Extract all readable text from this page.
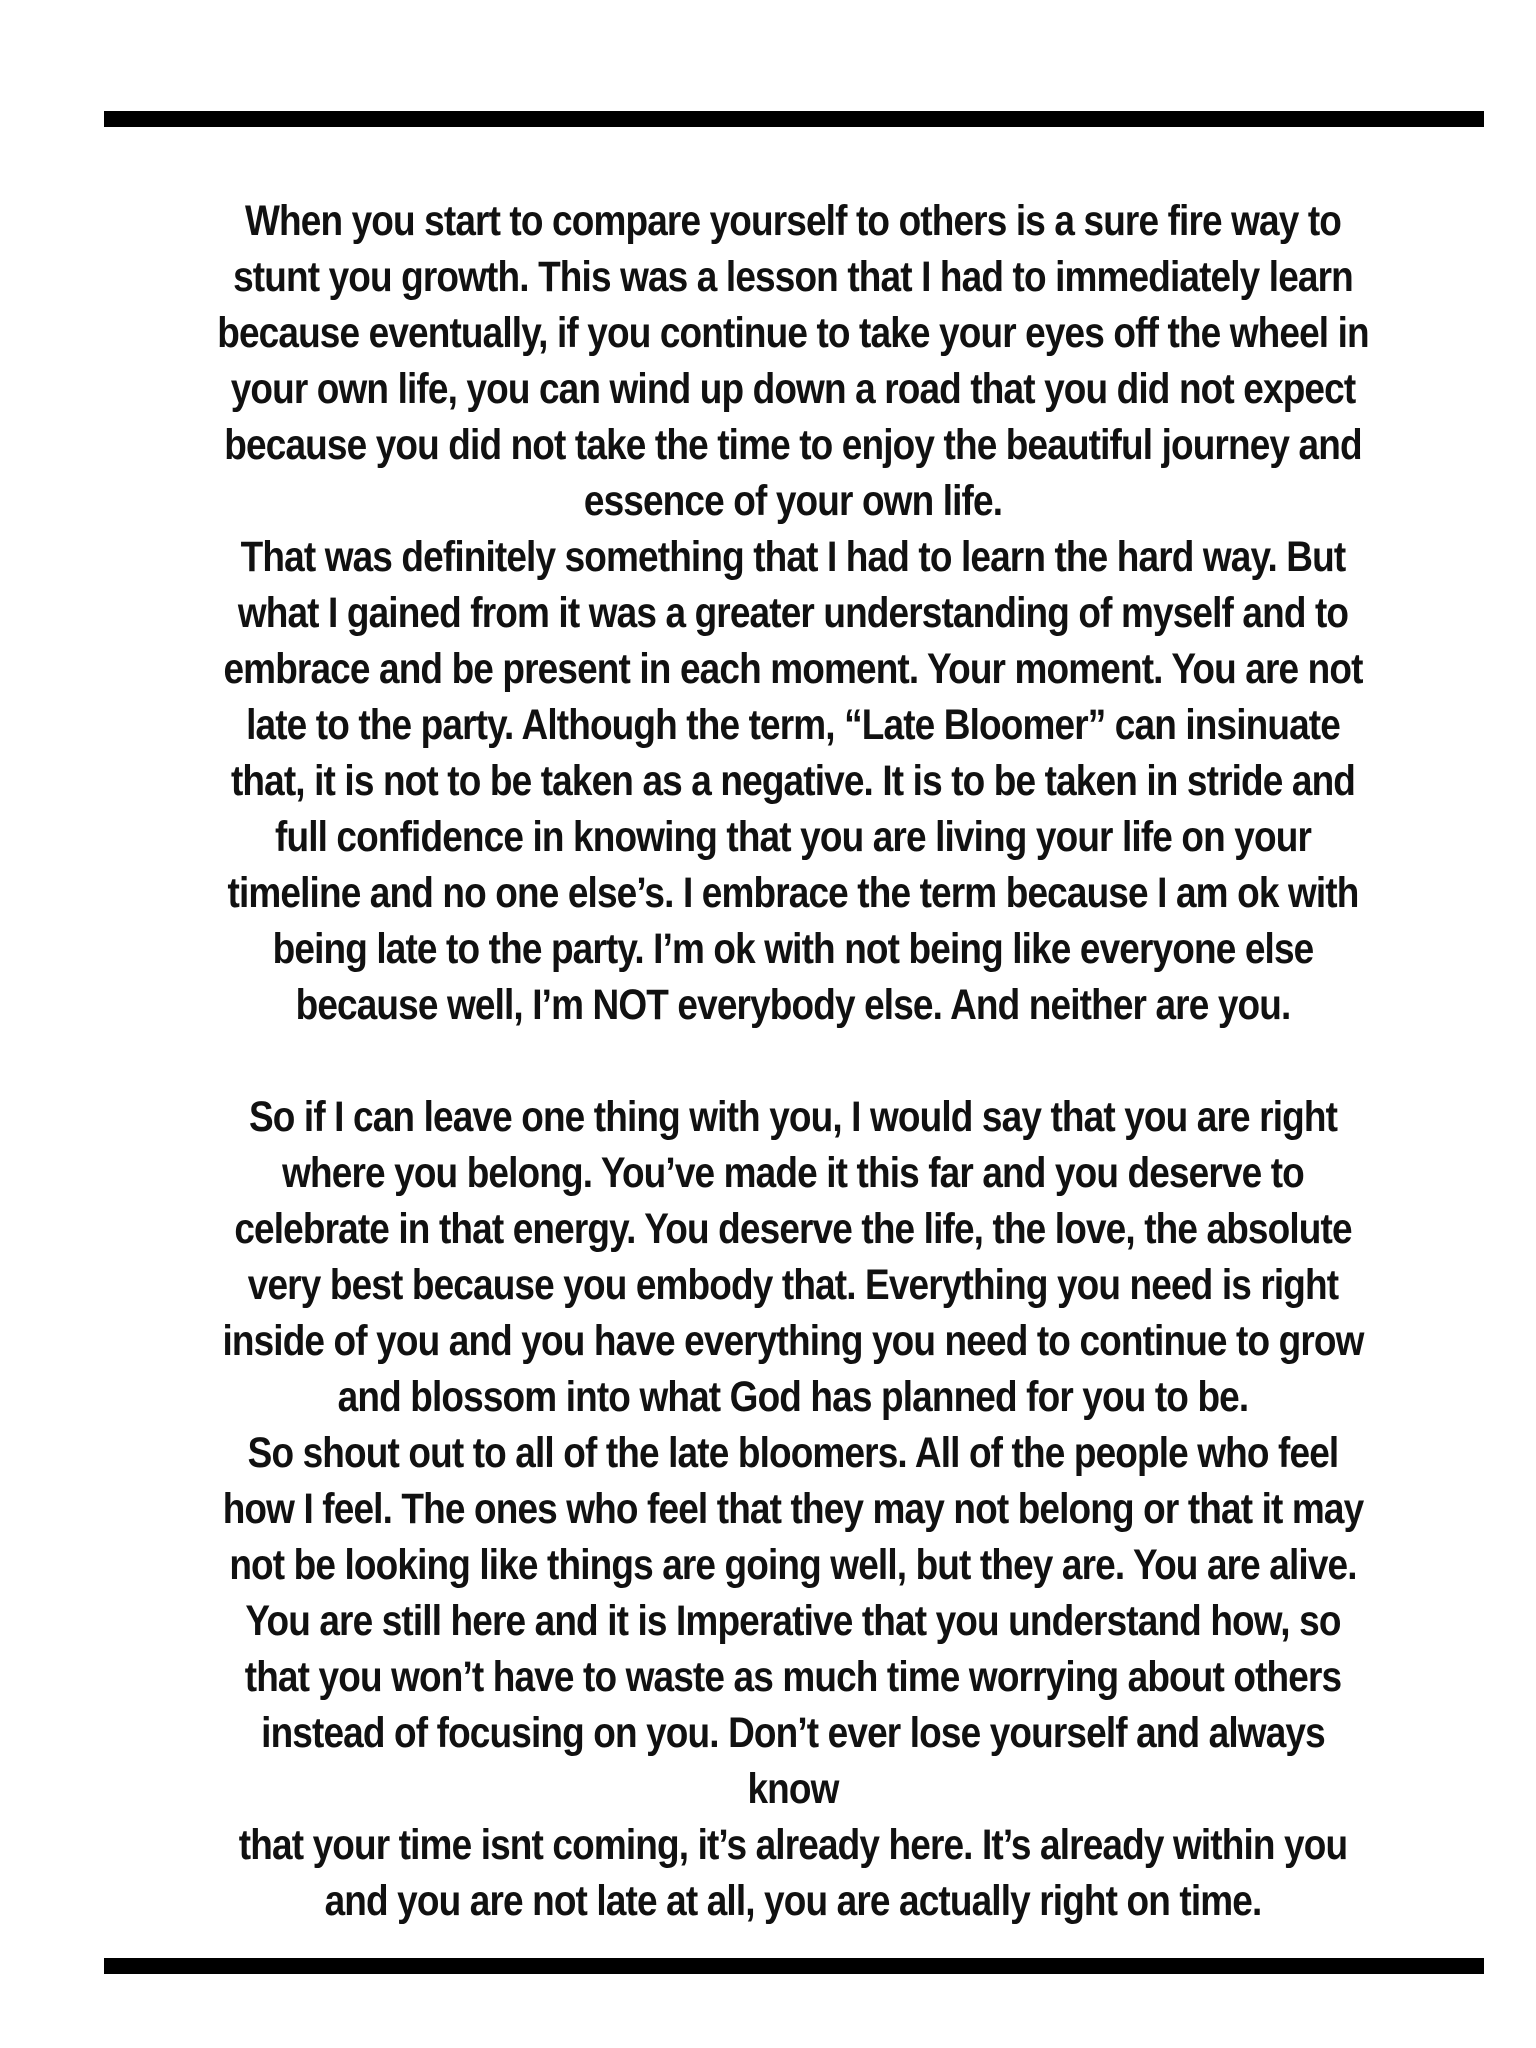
When you start to compare yourself to others is a sure fire way to
stunt you growth. This was a lesson that I had to immediately learn
because eventually, if you continue to take your eyes off the wheel in
your own life, you can wind up down a road that you did not expect
because you did not take the time to enjoy the beautiful journey and
essence of your own life.

That was definitely something that I had to learn the hard way. But
what I gained from it was a greater understanding of myself and to
embrace and be present in each moment. Your moment. You are not
late to the party. Although the term, “Late Bloomer” can insinuate
that, it is not to be taken as a negative. It is to be taken in stride and
full confidence in knowing that you are living your life on your
timeline and no one else’s. I embrace the term because I am ok with
being late to the party. I’m ok with not being like everyone else
because well, I’m NOT everybody else. And neither are you.

So if I can leave one thing with you, I would say that you are right
where you belong. You’ve made it this far and you deserve to
celebrate in that energy. You deserve the life, the love, the absolute
very best because you embody that. Everything you need is right
inside of you and you have everything you need to continue to grow
and blossom into what God has planned for you to be.

So shout out to all of the late bloomers. All of the people who feel
how I feel. The ones who feel that they may not belong or that it may
not be looking like things are going well, but they are. You are alive.
You are still here and it is Imperative that you understand how, so
that you won’t have to waste as much time worrying about others
instead of focusing on you. Don’t ever lose yourself and always know
that your time isnt coming, it’s already here. It’s already within you
and you are not late at all, you are actually right on time.
